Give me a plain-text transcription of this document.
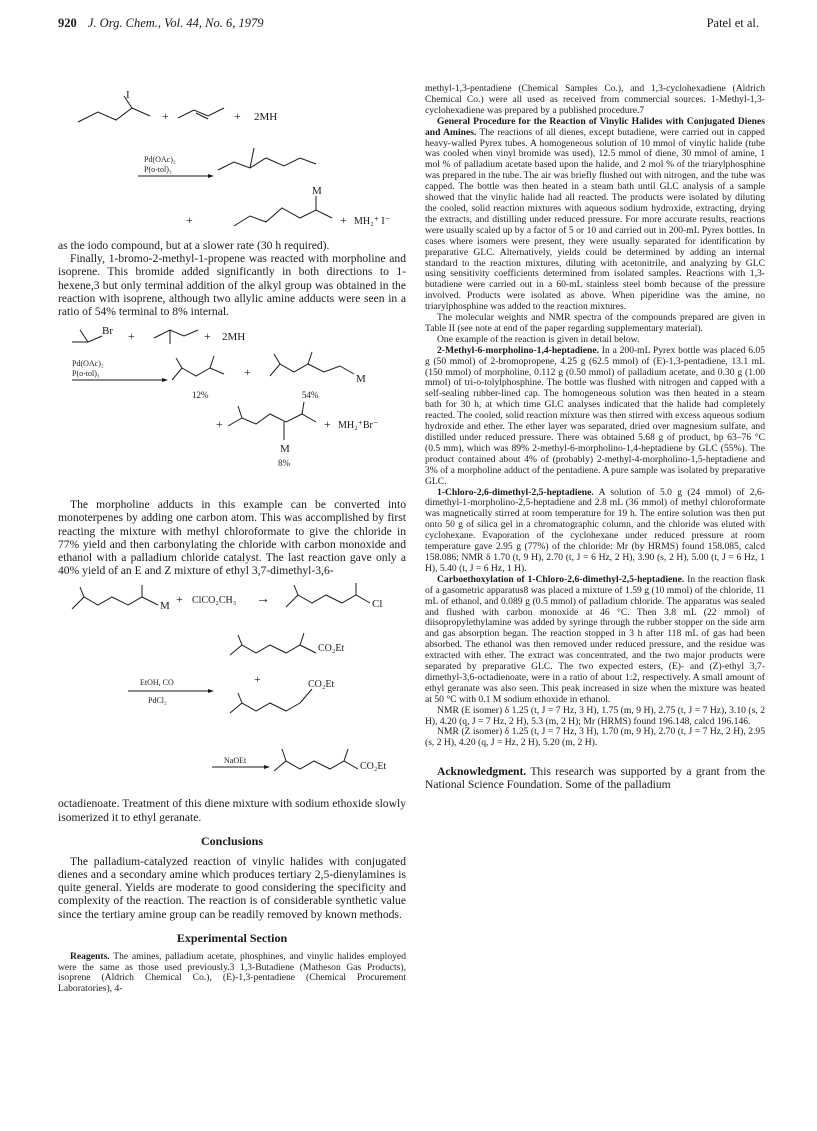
920 J. Org. Chem., Vol. 44, No. 6, 1979	Patel et al.
I
+	+ 2MH
Pd(OAc)₂
P(o-tol)₃
+
M
+ MH₂⁺ I⁻

as the iodo compound, but at a slower rate (30 h required).

Finally, 1-bromo-2-methyl-1-propene was reacted with morpholine and isoprene. This bromide added significantly in both directions to 1-hexene,3 but only terminal addition of the alkyl group was obtained in the reaction with isoprene, although two allylic amine adducts were seen in a ratio of 54% terminal to 8% internal.

Br +	+ 2MH
Pd(OAc)₂
P(o-tol)₃	+	M
12%	54%
+	+ MH₂⁺Br⁻
M
8%

The morpholine adducts in this example can be converted into monoterpenes by adding one carbon atom. This was accomplished by first reacting the mixture with methyl chloroformate to give the chloride in 77% yield and then carbonylating the chloride with carbon monoxide and ethanol with a palladium chloride catalyst. The last reaction gave only a 40% yield of an E and Z mixture of ethyl 3,7-dimethyl-3,6-

M + ClCO₂CH₃ →	Cl
EtOH, CO
PdCl₂
CO₂Et
+	CO₂Et
NaOEt
CO₂Et

octadienoate. Treatment of this diene mixture with sodium ethoxide slowly isomerized it to ethyl geranate.

Conclusions

The palladium-catalyzed reaction of vinylic halides with conjugated dienes and a secondary amine which produces tertiary 2,5-dienylamines is quite general. Yields are moderate to good considering the specificity and complexity of the reaction. The reaction is of considerable synthetic value since the tertiary amine group can be readily removed by known methods.

Experimental Section

Reagents. The amines, palladium acetate, phosphines, and vinylic halides employed were the same as those used previously.3 1,3-Butadiene (Matheson Gas Products), isoprene (Aldrich Chemical Co.), (E)-1,3-pentadiene (Chemical Procurement Laboratories), 4-

methyl-1,3-pentadiene (Chemical Samples Co.), and 1,3-cyclohexadiene (Aldrich Chemical Co.) were all used as received from commercial sources. 1-Methyl-1,3-cyclohexadiene was prepared by a published procedure.7

General Procedure for the Reaction of Vinylic Halides with Conjugated Dienes and Amines. The reactions of all dienes, except butadiene, were carried out in capped heavy-walled Pyrex tubes. A homogeneous solution of 10 mmol of vinylic halide (tube was cooled when vinyl bromide was used), 12.5 mmol of diene, 30 mmol of amine, 1 mol % of palladium acetate based upon the halide, and 2 mol % of the triarylphosphine was prepared in the tube. The air was briefly flushed out with nitrogen, and the tube was capped. The bottle was then heated in a steam bath until GLC analysis of a sample showed that the vinylic halide had all reacted. The products were isolated by diluting the cooled, solid reaction mixtures with aqueous sodium hydroxide, extracting, drying the extracts, and distilling under reduced pressure. For more accurate results, reactions were usually scaled up by a factor of 5 or 10 and carried out in 200-mL Pyrex bottles. In cases where isomers were present, they were usually separated for identification by preparative GLC. Alternatively, yields could be determined by adding an internal standard to the reaction mixtures, diluting with acetonitrile, and analyzing by GLC using sensitivity coefficients determined from isolated samples. Reactions with 1,3-butadiene were carried out in a 60-mL stainless steel bomb because of the pressure involved. Products were isolated as above. When piperidine was the amine, no triarylphosphine was added to the reaction mixtures.

The molecular weights and NMR spectra of the compounds prepared are given in Table II (see note at end of the paper regarding supplementary material).

One example of the reaction is given in detail below.

2-Methyl-6-morpholino-1,4-heptadiene. In a 200-mL Pyrex bottle was placed 6.05 g (50 mmol) of 2-bromopropene, 4.25 g (62.5 mmol) of (E)-1,3-pentadiene, 13.1 mL (150 mmol) of morpholine, 0.112 g (0.50 mmol) of palladium acetate, and 0.30 g (1.00 mmol) of tri-o-tolylphosphine. The bottle was flushed with nitrogen and capped with a self-sealing rubber-lined cap. The homogeneous solution was then heated in a steam bath for 30 h, at which time GLC analyses indicated that the halide had completely reacted. The cooled, solid reaction mixture was then stirred with excess aqueous sodium hydroxide and ether. The ether layer was separated, dried over magnesium sulfate, and distilled under reduced pressure. There was obtained 5.68 g of product, bp 63–76 °C (0.5 mm), which was 89% 2-methyl-6-morpholino-1,4-heptadiene by GLC (55%). The product contained about 4% of (probably) 2-methyl-4-morpholino-1,5-heptadiene and 3% of a morpholine adduct of the pentadiene. A pure sample was isolated by preparative GLC.

1-Chloro-2,6-dimethyl-2,5-heptadiene. A solution of 5.0 g (24 mmol) of 2,6-dimethyl-1-morpholino-2,5-heptadiene and 2.8 mL (36 mmol) of methyl chloroformate was magnetically stirred at room temperature for 19 h. The entire solution was then put onto 50 g of silica gel in a chromatographic column, and the chloride was eluted with cyclohexane. Evaporation of the cyclohexane under reduced pressure at room temperature gave 2.95 g (77%) of the chloride: Mr (by HRMS) found 158.085, calcd 158.086; NMR δ 1.70 (t, 9 H), 2.70 (t, J = 6 Hz, 2 H), 3.90 (s, 2 H), 5.00 (t, J = 6 Hz, 1 H), 5.40 (t, J = 6 Hz, 1 H).

Carboethoxylation of 1-Chloro-2,6-dimethyl-2,5-heptadiene. In the reaction flask of a gasometric apparatus8 was placed a mixture of 1.59 g (10 mmol) of the chloride, 11 mL of ethanol, and 0.089 g (0.5 mmol) of palladium chloride. The apparatus was sealed and flushed with carbon monoxide at 46 °C. Then 3.8 mL (22 mmol) of diisopropylethylamine was added by syringe through the rubber stopper on the side arm and gas absorption began. The reaction stopped in 3 h after 118 mL of gas had been absorbed. The ethanol was then removed under reduced pressure, and the residue was extracted with ether. The extract was concentrated, and the two major products were separated by preparative GLC. The two expected esters, (E)- and (Z)-ethyl 3,7-dimethyl-3,6-octadienoate, were in a ratio of about 1:2, respectively. A small amount of ethyl geranate was also seen. This peak increased in size when the mixture was heated at 50 °C with 0.1 M sodium ethoxide in ethanol.

NMR (E isomer) δ 1.25 (t, J = 7 Hz, 3 H), 1.75 (m, 9 H), 2.75 (t, J = 7 Hz), 3.10 (s, 2 H), 4.20 (q, J = 7 Hz, 2 H), 5.3 (m, 2 H); Mr (HRMS) found 196.148, calcd 196.146.

NMR (Z isomer) δ 1.25 (t, J = 7 Hz, 3 H), 1.70 (m, 9 H), 2.70 (t, J = 7 Hz, 2 H), 2.95 (s, 2 H), 4.20 (q, J = Hz, 2 H), 5.20 (m, 2 H).

Acknowledgment. This research was supported by a grant from the National Science Foundation. Some of the palladium
